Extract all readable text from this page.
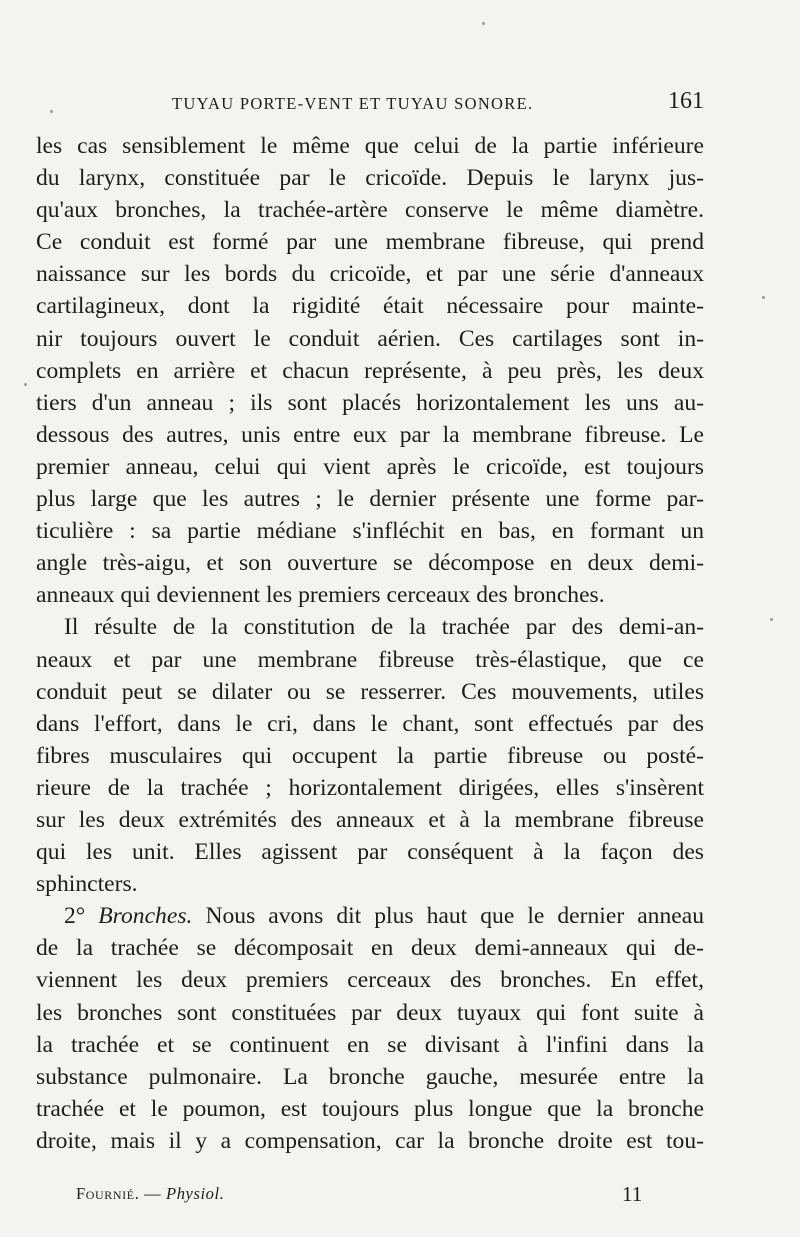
TUYAU PORTE-VENT ET TUYAU SONORE.	161
les cas sensiblement le même que celui de la partie inférieure
du larynx, constituée par le cricoïde. Depuis le larynx jus-
qu'aux bronches, la trachée-artère conserve le même diamètre.
Ce conduit est formé par une membrane fibreuse, qui prend
naissance sur les bords du cricoïde, et par une série d'anneaux
cartilagineux, dont la rigidité était nécessaire pour mainte-
nir toujours ouvert le conduit aérien. Ces cartilages sont in-
complets en arrière et chacun représente, à peu près, les deux
tiers d'un anneau ; ils sont placés horizontalement les uns au-
dessous des autres, unis entre eux par la membrane fibreuse. Le
premier anneau, celui qui vient après le cricoïde, est toujours
plus large que les autres ; le dernier présente une forme par-
ticulière : sa partie médiane s'infléchit en bas, en formant un
angle très-aigu, et son ouverture se décompose en deux demi-
anneaux qui deviennent les premiers cerceaux des bronches.
Il résulte de la constitution de la trachée par des demi-an-
neaux et par une membrane fibreuse très-élastique, que ce
conduit peut se dilater ou se resserrer. Ces mouvements, utiles
dans l'effort, dans le cri, dans le chant, sont effectués par des
fibres musculaires qui occupent la partie fibreuse ou posté-
rieure de la trachée ; horizontalement dirigées, elles s'insèrent
sur les deux extrémités des anneaux et à la membrane fibreuse
qui les unit. Elles agissent par conséquent à la façon des
sphincters.
2° Bronches. Nous avons dit plus haut que le dernier anneau
de la trachée se décomposait en deux demi-anneaux qui de-
viennent les deux premiers cerceaux des bronches. En effet,
les bronches sont constituées par deux tuyaux qui font suite à
la trachée et se continuent en se divisant à l'infini dans la
substance pulmonaire. La bronche gauche, mesurée entre la
trachée et le poumon, est toujours plus longue que la bronche
droite, mais il y a compensation, car la bronche droite est tou-
Fournié. — Physiol.	11
